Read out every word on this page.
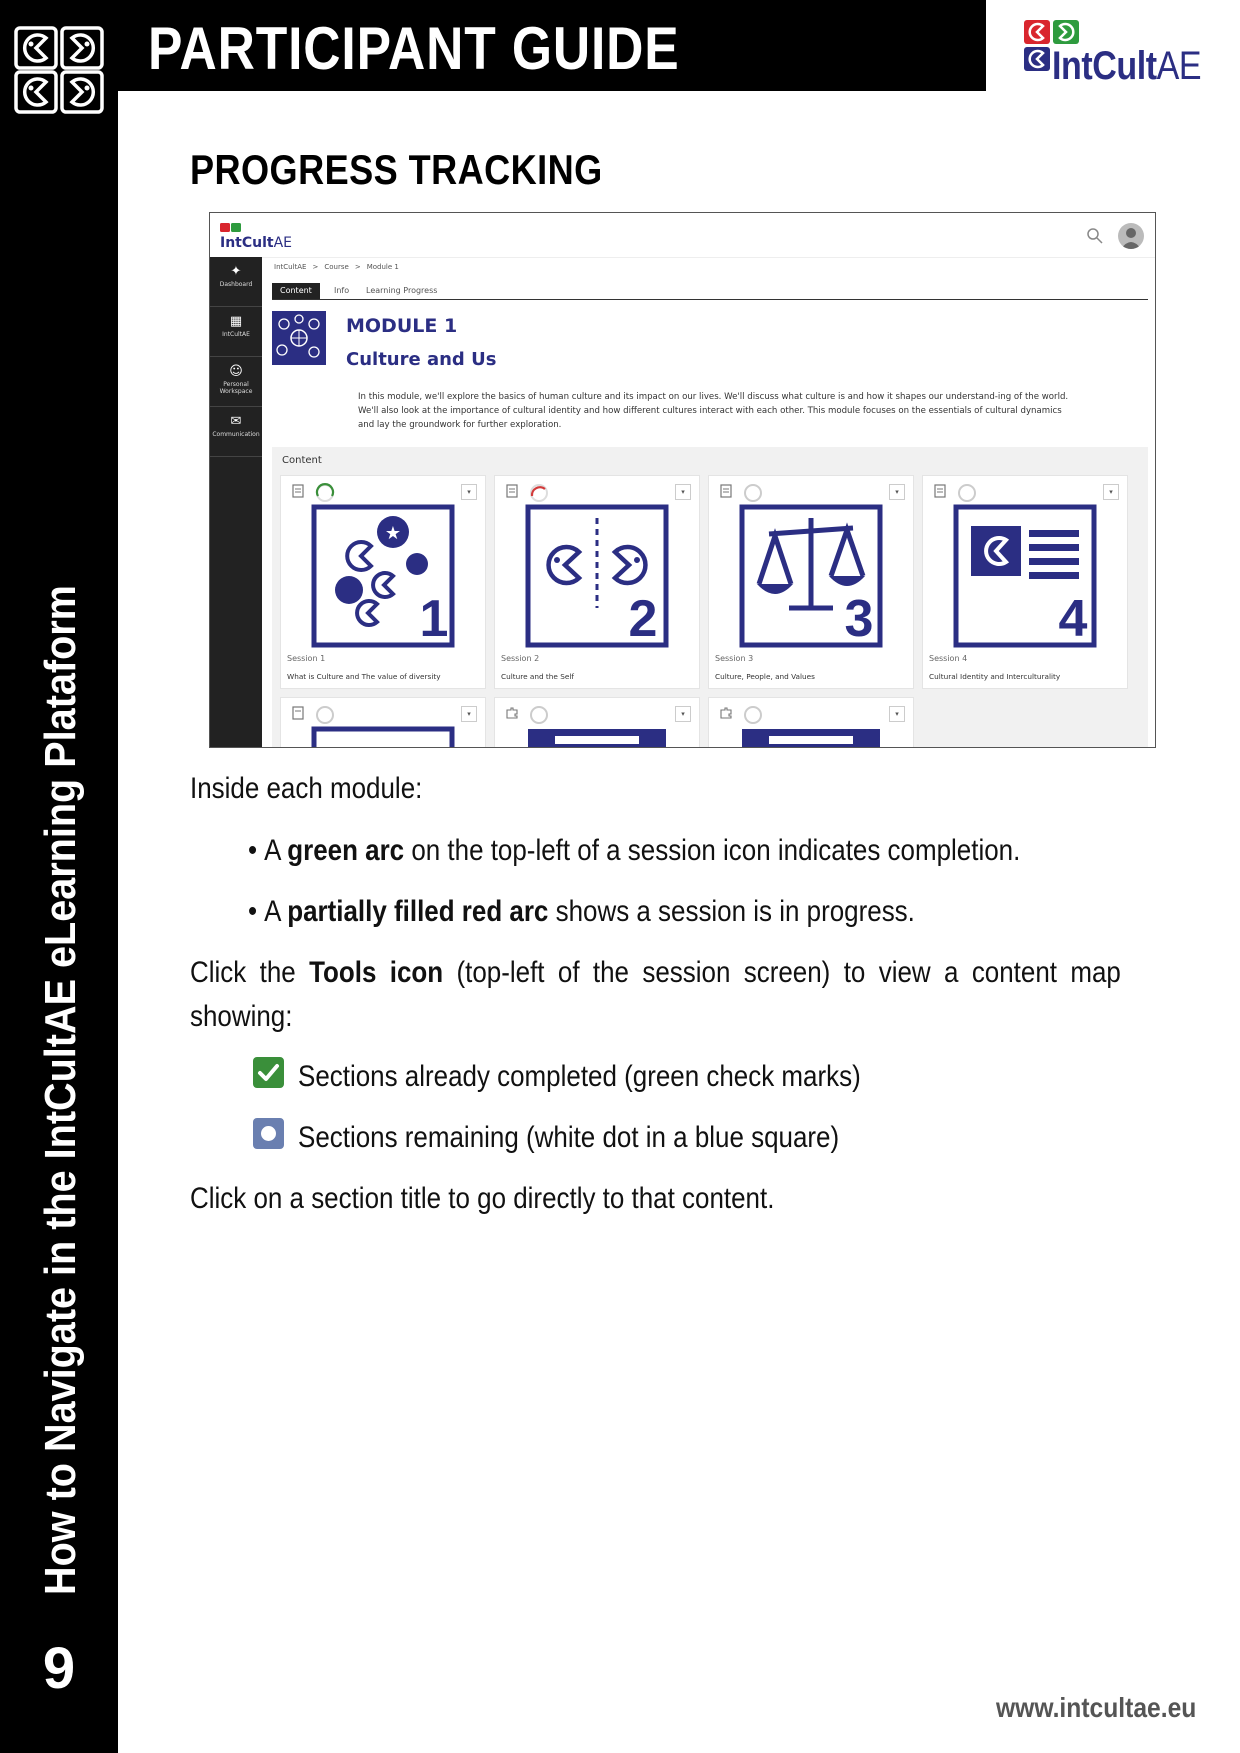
PARTICIPANT GUIDE
How to Navigate in the IntCultAE eLearning Plataform
9
IntCultAE
PROGRESS TRACKING
IntCultAE
✦
Dashboard
▦
IntCultAE
☺
Personal Workspace
✉
Communication
IntCultAE > Course > Module 1
Content	Info	Learning Progress
MODULE 1
Culture and Us
In this module, we'll explore the basics of human culture and its impact on our lives. We'll discuss what culture is and how it shapes our understand-ing of the world. We'll also look at the importance of cultural identity and how different cultures interact with each other. This module focuses on the essentials of cultural dynamics and lay the groundwork for further exploration.
Content
▾
★
1
Session 1
What is Culture and The value of diversity
▾
2
Session 2
Culture and the Self
▾
3
Session 3
Culture, People, and Values
▾
4
Session 4
Cultural Identity and Interculturality
▾	▾	▾
Inside each module:
• A green arc on the top-left of a session icon indicates completion.
• A partially filled red arc shows a session is in progress.
Click the Tools icon (top-left of the session screen) to view a content map
showing:
Sections already completed (green check marks)
Sections remaining (white dot in a blue square)
Click on a section title to go directly to that content.
www.intcultae.eu
